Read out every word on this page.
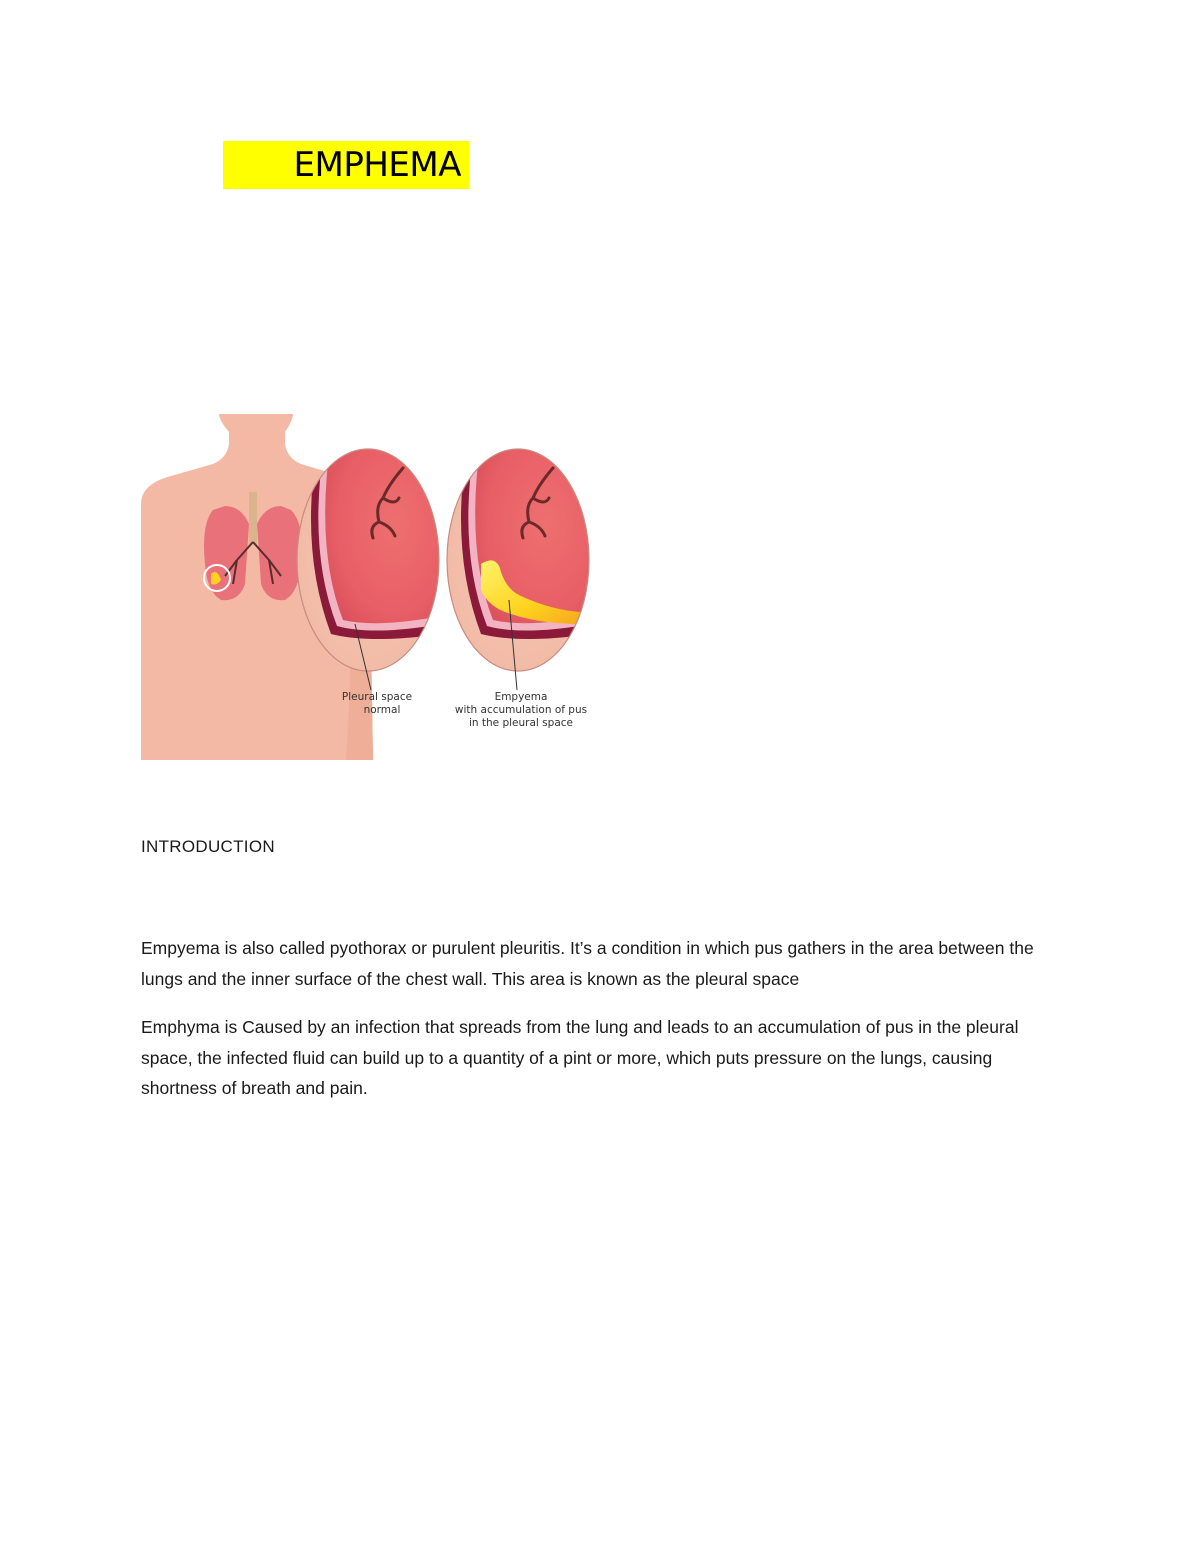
EMPHEMA
Pleural space
normal
Empyema
with accumulation of pus
in the pleural space
INTRODUCTION

Empyema is also called pyothorax or purulent pleuritis. It’s a condition in which pus gathers in the area between the lungs and the inner surface of the chest wall. This area is known as the pleural space

Emphyma is Caused by an infection that spreads from the lung and leads to an accumulation of pus in the pleural space, the infected fluid can build up to a quantity of a pint or more, which puts pressure on the lungs, causing shortness of breath and pain.
